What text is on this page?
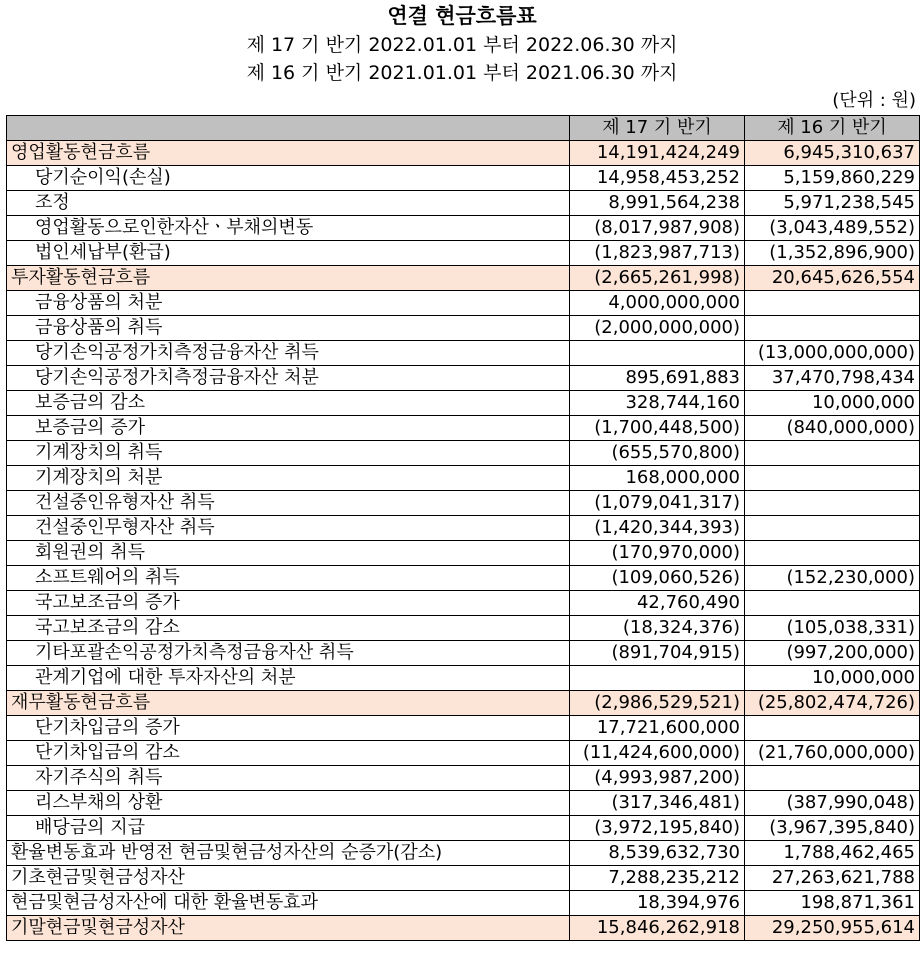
연결 현금흐름표
제 17 기 반기 2022.01.01 부터 2022.06.30 까지
제 16 기 반기 2021.01.01 부터 2021.06.30 까지
(단위 : 원)
	제 17 기 반기	제 16 기 반기
영업활동현금흐름	14,191,424,249	6,945,310,637
당기순이익(손실)	14,958,453,252	5,159,860,229
조정	8,991,564,238	5,971,238,545
영업활동으로인한자산ㆍ부채의변동	(8,017,987,908)	(3,043,489,552)
법인세납부(환급)	(1,823,987,713)	(1,352,896,900)
투자활동현금흐름	(2,665,261,998)	20,645,626,554
금융상품의 처분	4,000,000,000	
금융상품의 취득	(2,000,000,000)	
당기손익공정가치측정금융자산 취득		(13,000,000,000)
당기손익공정가치측정금융자산 처분	895,691,883	37,470,798,434
보증금의 감소	328,744,160	10,000,000
보증금의 증가	(1,700,448,500)	(840,000,000)
기계장치의 취득	(655,570,800)	
기계장치의 처분	168,000,000	
건설중인유형자산 취득	(1,079,041,317)	
건설중인무형자산 취득	(1,420,344,393)	
회원권의 취득	(170,970,000)	
소프트웨어의 취득	(109,060,526)	(152,230,000)
국고보조금의 증가	42,760,490	
국고보조금의 감소	(18,324,376)	(105,038,331)
기타포괄손익공정가치측정금융자산 취득	(891,704,915)	(997,200,000)
관계기업에 대한 투자자산의 처분		10,000,000
재무활동현금흐름	(2,986,529,521)	(25,802,474,726)
단기차입금의 증가	17,721,600,000	
단기차입금의 감소	(11,424,600,000)	(21,760,000,000)
자기주식의 취득	(4,993,987,200)	
리스부채의 상환	(317,346,481)	(387,990,048)
배당금의 지급	(3,972,195,840)	(3,967,395,840)
환율변동효과 반영전 현금및현금성자산의 순증가(감소)	8,539,632,730	1,788,462,465
기초현금및현금성자산	7,288,235,212	27,263,621,788
현금및현금성자산에 대한 환율변동효과	18,394,976	198,871,361
기말현금및현금성자산	15,846,262,918	29,250,955,614
